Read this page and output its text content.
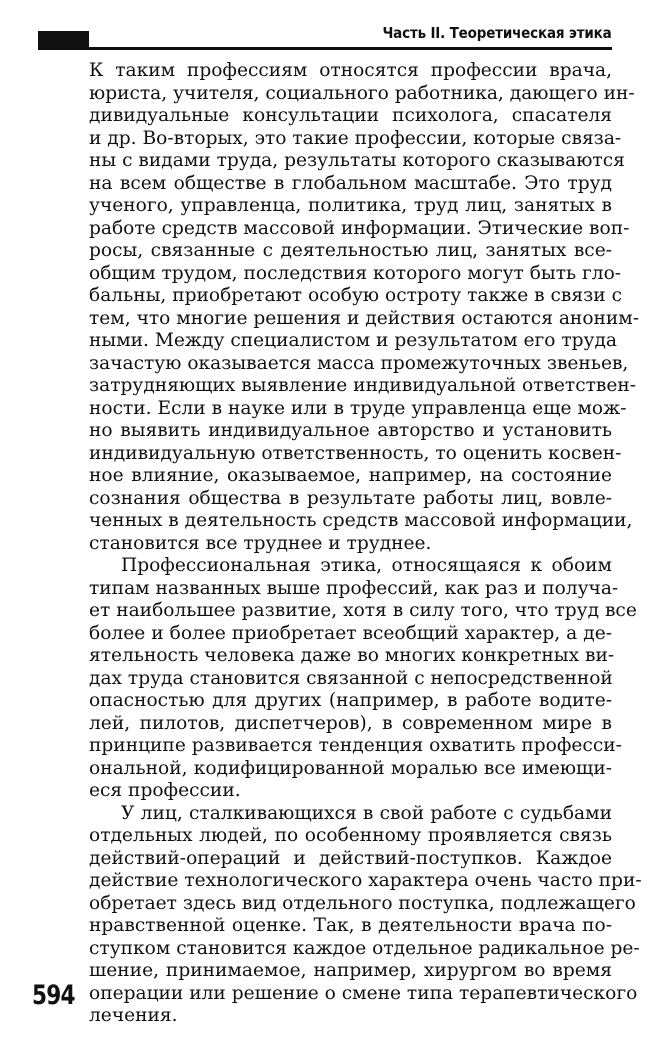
Часть II. Теоретическая этика
К таким профессиям относятся профессии врача,
юриста, учителя, социального работника, дающего ин-
дивидуальные консультации психолога, спасателя
и др. Во-вторых, это такие профессии, которые связа-
ны с видами труда, результаты которого сказываются
на всем обществе в глобальном масштабе. Это труд
ученого, управленца, политика, труд лиц, занятых в
работе средств массовой информации. Этические воп-
росы, связанные с деятельностью лиц, занятых все-
общим трудом, последствия которого могут быть гло-
бальны, приобретают особую остроту также в связи с
тем, что многие решения и действия остаются аноним-
ными. Между специалистом и результатом его труда
зачастую оказывается масса промежуточных звеньев,
затрудняющих выявление индивидуальной ответствен-
ности. Если в науке или в труде управленца еще мож-
но выявить индивидуальное авторство и установить
индивидуальную ответственность, то оценить косвен-
ное влияние, оказываемое, например, на состояние
сознания общества в результате работы лиц, вовле-
ченных в деятельность средств массовой информации,
становится все труднее и труднее.
Профессиональная этика, относящаяся к обоим
типам названных выше профессий, как раз и получа-
ет наибольшее развитие, хотя в силу того, что труд все
более и более приобретает всеобщий характер, а де-
ятельность человека даже во многих конкретных ви-
дах труда становится связанной с непосредственной
опасностью для других (например, в работе водите-
лей, пилотов, диспетчеров), в современном мире в
принципе развивается тенденция охватить професси-
ональной, кодифицированной моралью все имеющи-
еся профессии.
У лиц, сталкивающихся в свой работе с судьбами
отдельных людей, по особенному проявляется связь
действий-операций и действий-поступков. Каждое
действие технологического характера очень часто при-
обретает здесь вид отдельного поступка, подлежащего
нравственной оценке. Так, в деятельности врача по-
ступком становится каждое отдельное радикальное ре-
шение, принимаемое, например, хирургом во время
операции или решение о смене типа терапевтического
лечения.
594
